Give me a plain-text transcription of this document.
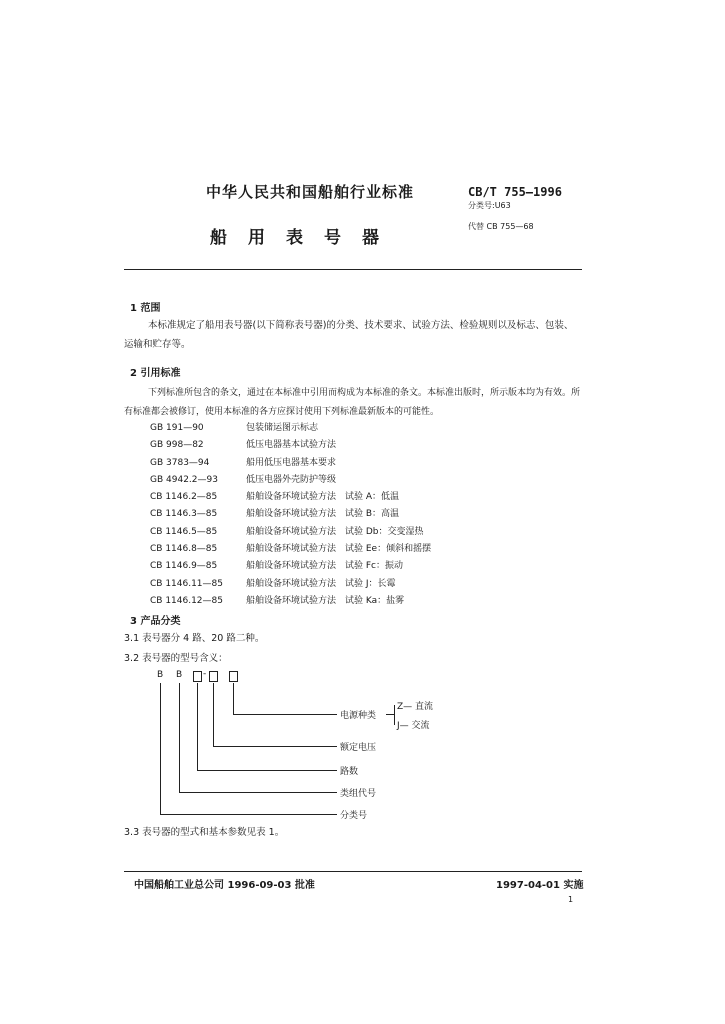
中华人民共和国船舶行业标准	CB/T 755—1996
分类号:U63
船　用　表　号　器
代替 CB 755—68
1 范围
本标准规定了船用表号器(以下简称表号器)的分类、技术要求、试验方法、检验规则以及标志、包装、运输和贮存等。
2 引用标准
下列标准所包含的条文，通过在本标准中引用而构成为本标准的条文。本标准出版时，所示版本均为有效。所有标准都会被修订，使用本标准的各方应探讨使用下列标准最新版本的可能性。
GB 191—90	包装储运图示标志
GB 998—82	低压电器基本试验方法
GB 3783—94	船用低压电器基本要求
GB 4942.2—93	低压电器外壳防护等级
CB 1146.2—85	船舶设备环境试验方法　试验 A：低温
CB 1146.3—85	船舶设备环境试验方法　试验 B：高温
CB 1146.5—85	船舶设备环境试验方法　试验 Db：交变湿热
CB 1146.8—85	船舶设备环境试验方法　试验 Ee：倾斜和摇摆
CB 1146.9—85	船舶设备环境试验方法　试验 Fc：振动
CB 1146.11—85	船舶设备环境试验方法　试验 J：长霉
CB 1146.12—85	船舶设备环境试验方法　试验 Ka：盐雾
3 产品分类
3.1 表号器分 4 路、20 路二种。
3.2 表号器的型号含义：
B B -
电源种类
Z— 直流
J— 交流
额定电压
路数
类组代号
分类号
3.3 表号器的型式和基本参数见表 1。
中国船舶工业总公司 1996-09-03 批准	1997-04-01 实施
1
